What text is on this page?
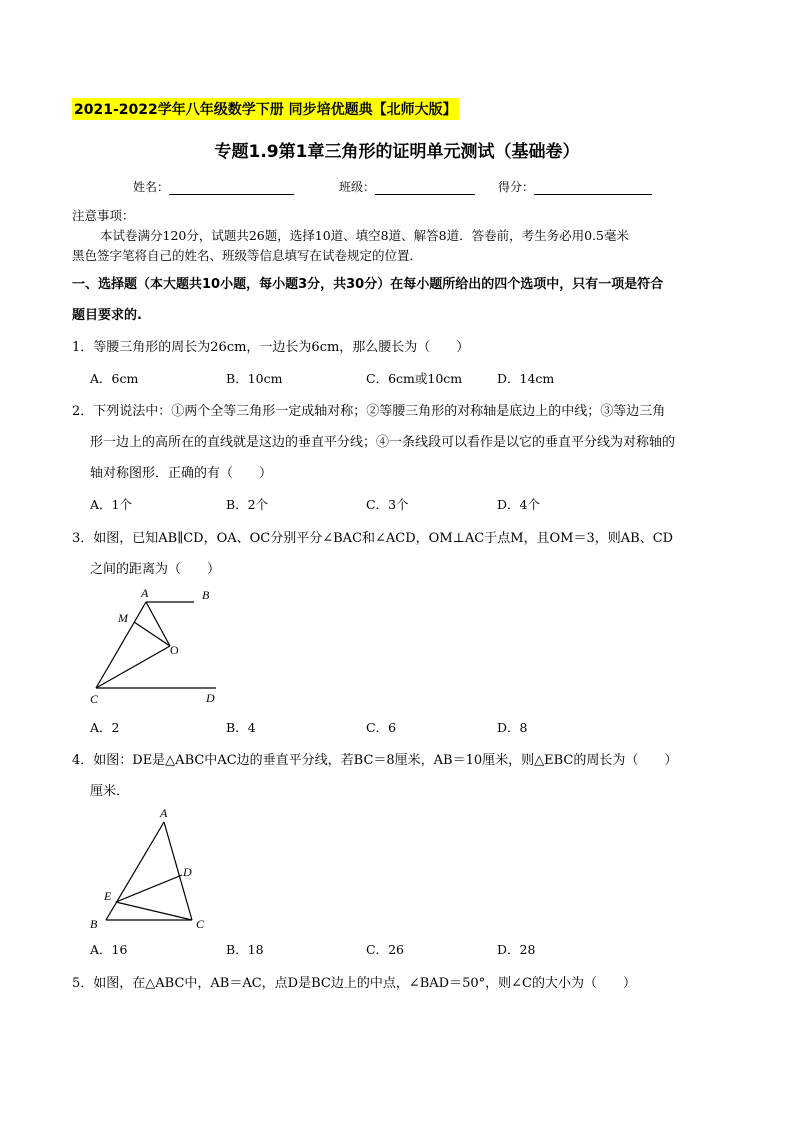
2021-2022学年八年级数学下册 同步培优题典【北师大版】
专题1.9第1章三角形的证明单元测试（基础卷）
姓名：	班级：	得分：
注意事项：
本试卷满分120分，试题共26题，选择10道、填空8道、解答8道．答卷前，考生务必用0.5毫米
黑色签字笔将自己的姓名、班级等信息填写在试卷规定的位置．
一、选择题（本大题共10小题，每小题3分，共30分）在每小题所给出的四个选项中，只有一项是符合
题目要求的.
1．等腰三角形的周长为26cm，一边长为6cm，那么腰长为（　　）
A．6cm	B．10cm	C．6cm或10cm	D．14cm
2．下列说法中：①两个全等三角形一定成轴对称；②等腰三角形的对称轴是底边上的中线；③等边三角
形一边上的高所在的直线就是这边的垂直平分线；④一条线段可以看作是以它的垂直平分线为对称轴的
轴对称图形．正确的有（　　）
A．1个	B．2个	C．3个	D．4个
3．如图，已知AB∥CD，OA、OC分别平分∠BAC和∠ACD，OM⊥AC于点M，且OM＝3，则AB、CD
之间的距离为（　　）
A	B
M
O
C	D
A．2	B．4	C．6	D．8
4．如图：DE是△ABC中AC边的垂直平分线，若BC＝8厘米，AB＝10厘米，则△EBC的周长为（　　）
厘米．
A
D
E
B	C
A．16	B．18	C．26	D．28
5．如图，在△ABC中，AB＝AC，点D是BC边上的中点，∠BAD＝50°，则∠C的大小为（　　）
